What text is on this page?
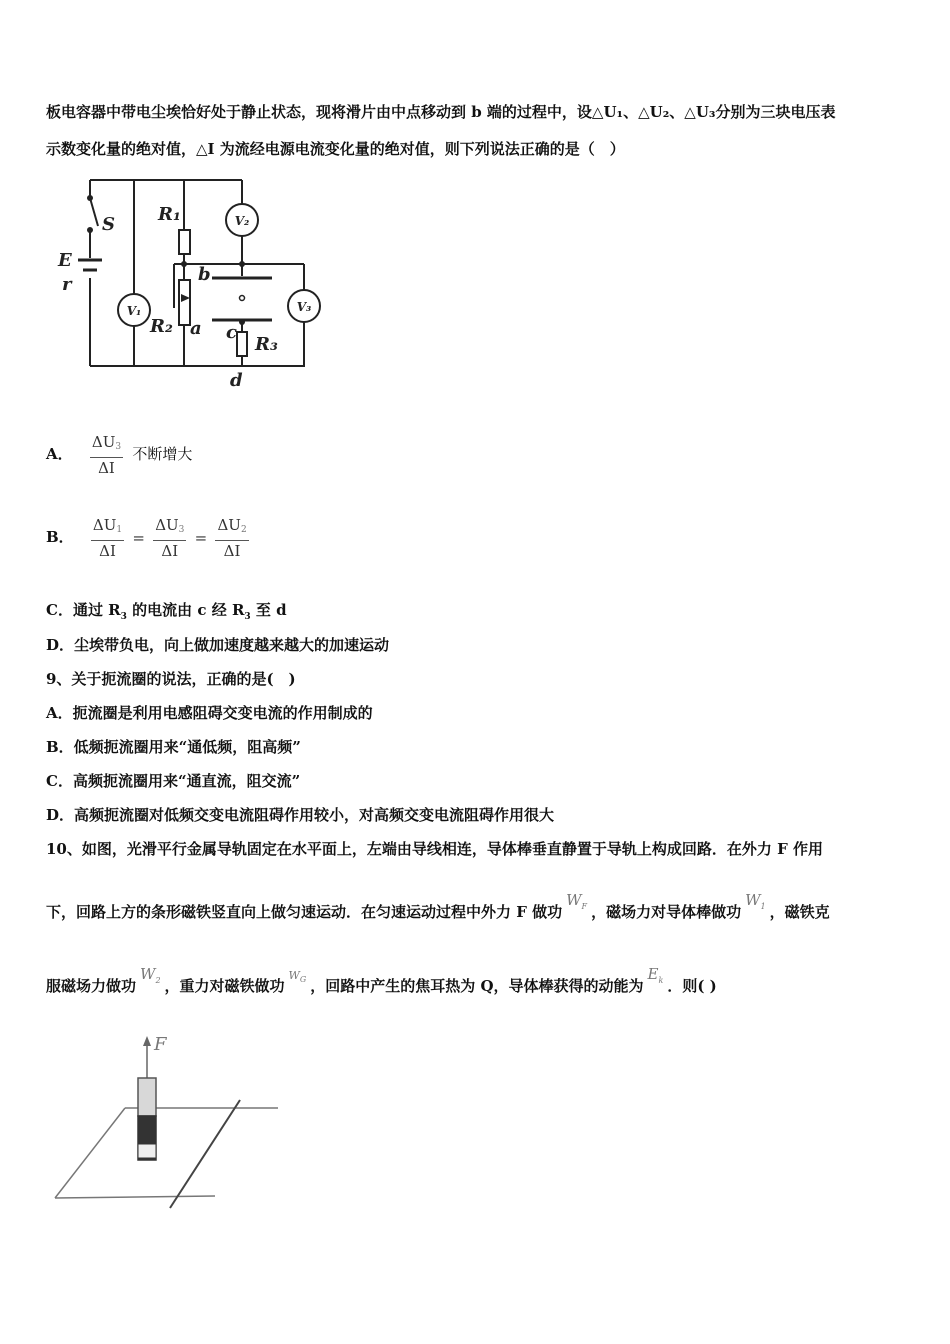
板电容器中带电尘埃恰好处于静止状态，现将滑片由中点移动到 b 端的过程中，设△U₁、△U₂、△U₃分别为三块电压表
示数变化量的绝对值，△I 为流经电源电流变化量的绝对值，则下列说法正确的是（　）
S
E
r
R₁
R₂
R₃
b
a c
d
V₁
V₂
V₃
A． $\frac{\Delta U_3}{\Delta I}$ 不断增大
B． $\frac{\Delta U_1}{\Delta I} = \frac{\Delta U_3}{\Delta I} = \frac{\Delta U_2}{\Delta I}$
C．通过 $R_3$ 的电流由 c 经 $R_3$ 至 d
D．尘埃带负电，向上做加速度越来越大的加速运动
9、关于扼流圈的说法，正确的是(　)
A．扼流圈是利用电感阻碍交变电流的作用制成的
B．低频扼流圈用来“通低频，阻高频”
C．高频扼流圈用来“通直流，阻交流”
D．高频扼流圈对低频交变电流阻碍作用较小，对高频交变电流阻碍作用很大
10、如图，光滑平行金属导轨固定在水平面上，左端由导线相连，导体棒垂直静置于导轨上构成回路．在外力 F 作用
下，回路上方的条形磁铁竖直向上做匀速运动．在匀速运动过程中外力 F 做功$W_F$ ，磁场力对导体棒做功$W_1$ ，磁铁克
服磁场力做功$W_2$ ，重力对磁铁做功$^{W_G}$ ，回路中产生的焦耳热为 Q，导体棒获得的动能为$E_k$ ．则( )
F
